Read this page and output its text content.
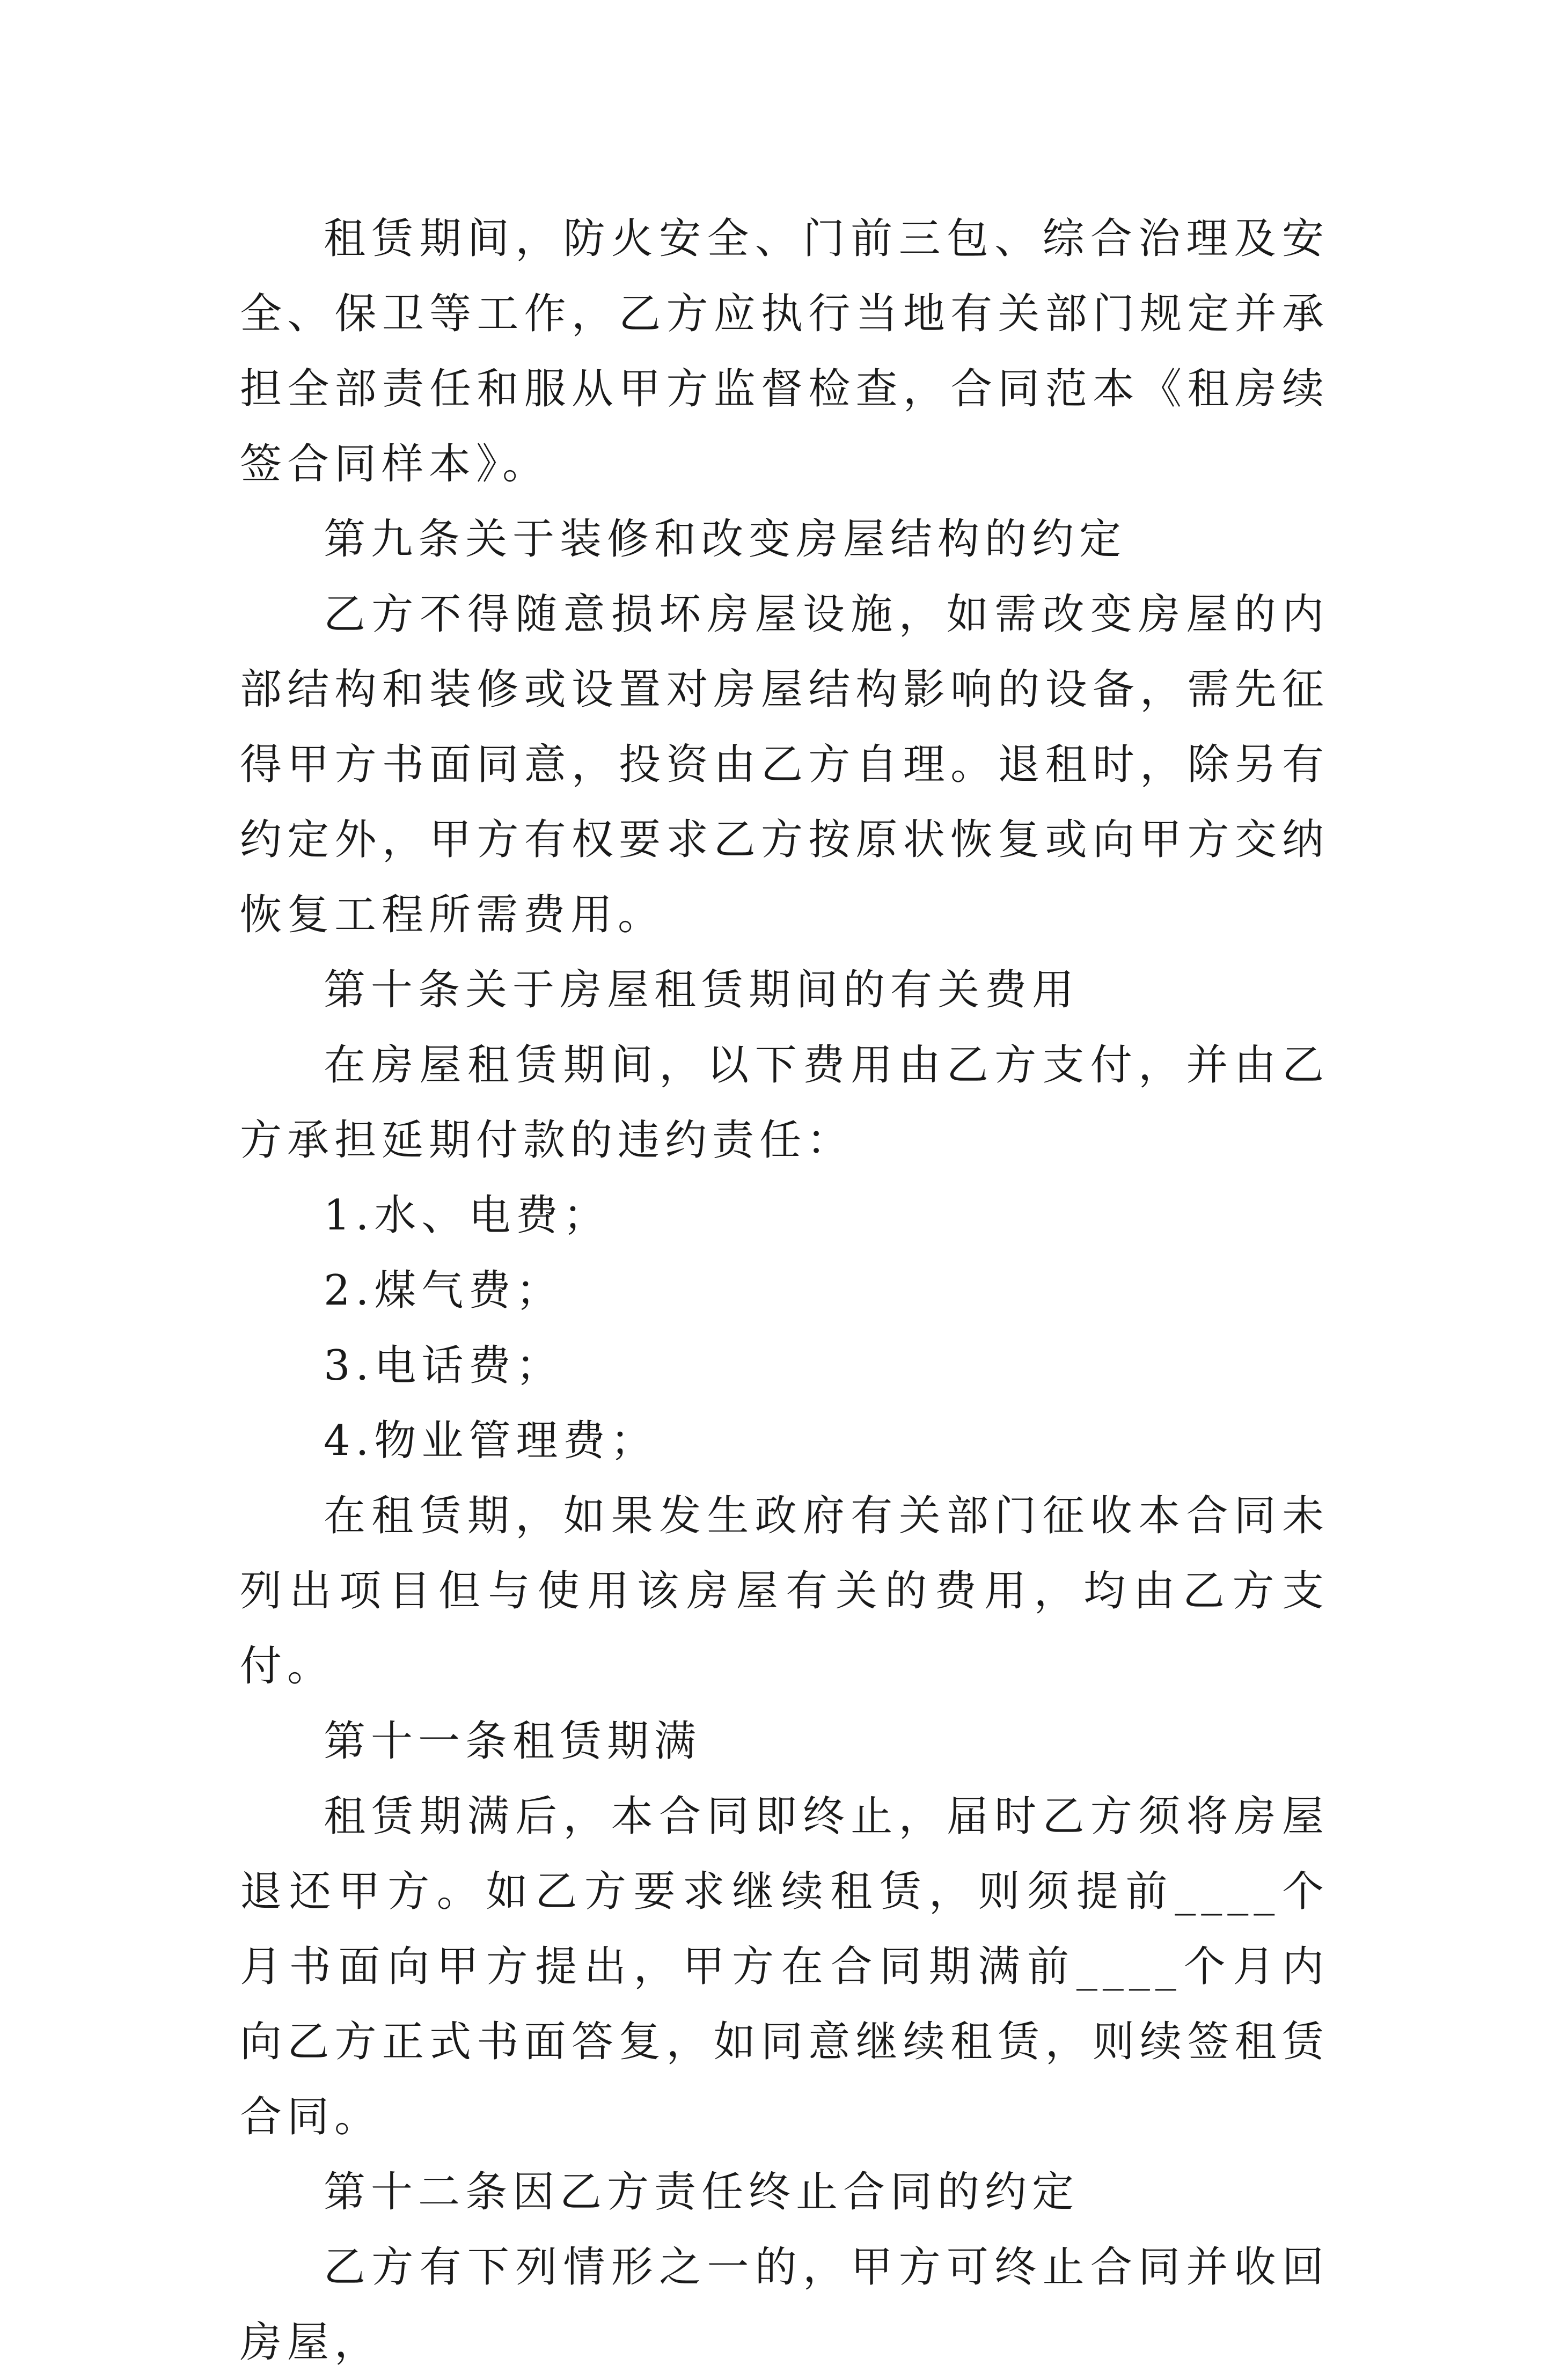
租赁期间，防火安全、门前三包、综合治理及安全、保卫等工作，乙方应执行当地有关部门规定并承担全部责任和服从甲方监督检查，合同范本《租房续签合同样本》。

第九条关于装修和改变房屋结构的约定

乙方不得随意损坏房屋设施，如需改变房屋的内部结构和装修或设置对房屋结构影响的设备，需先征得甲方书面同意，投资由乙方自理。退租时，除另有约定外，甲方有权要求乙方按原状恢复或向甲方交纳恢复工程所需费用。

第十条关于房屋租赁期间的有关费用

在房屋租赁期间，以下费用由乙方支付，并由乙方承担延期付款的违约责任：

1.水、电费；

2.煤气费；

3.电话费；

4.物业管理费；

在租赁期，如果发生政府有关部门征收本合同未列出项目但与使用该房屋有关的费用，均由乙方支付。

第十一条租赁期满

租赁期满后，本合同即终止，届时乙方须将房屋退还甲方。如乙方要求继续租赁，则须提前____个月书面向甲方提出，甲方在合同期满前____个月内向乙方正式书面答复，如同意继续租赁，则续签租赁合同。

第十二条因乙方责任终止合同的约定

乙方有下列情形之一的，甲方可终止合同并收回房屋，
